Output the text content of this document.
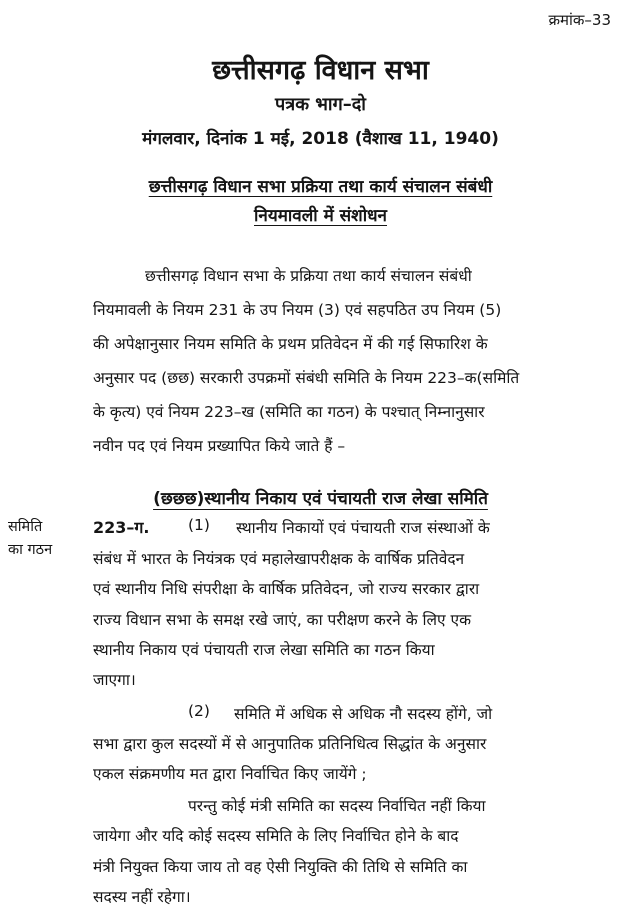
क्रमांक–33
छत्तीसगढ़ विधान सभा
पत्रक भाग–दो
मंगलवार, दिनांक 1 मई, 2018 (वैशाख 11, 1940)
छत्तीसगढ़ विधान सभा प्रक्रिया तथा कार्य संचालन संबंधी
नियमावली में संशोधन
छत्तीसगढ़ विधान सभा के प्रक्रिया तथा कार्य संचालन संबंधी
नियमावली के नियम 231 के उप नियम (3) एवं सहपठित उप नियम (5)
की अपेक्षानुसार नियम समिति के प्रथम प्रतिवेदन में की गई सिफारिश के
अनुसार पद (छछ) सरकारी उपक्रमों संबंधी समिति के नियम 223–क(समिति
के कृत्य) एवं नियम 223–ख (समिति का गठन) के पश्चात् निम्नानुसार
नवीन पद एवं नियम प्रख्यापित किये जाते हैं –
(छछछ)स्थानीय निकाय एवं पंचायती राज लेखा समिति
समिति
का गठन
223–ग. (1) स्थानीय निकायों एवं पंचायती राज संस्थाओं के
संबंध में भारत के नियंत्रक एवं महालेखापरीक्षक के वार्षिक प्रतिवेदन
एवं स्थानीय निधि संपरीक्षा के वार्षिक प्रतिवेदन, जो राज्य सरकार द्वारा
राज्य विधान सभा के समक्ष रखे जाएं, का परीक्षण करने के लिए एक
स्थानीय निकाय एवं पंचायती राज लेखा समिति का गठन किया
जाएगा।
(2) समिति में अधिक से अधिक नौ सदस्य होंगे, जो
सभा द्वारा कुल सदस्यों में से आनुपातिक प्रतिनिधित्व सिद्धांत के अनुसार
एकल संक्रमणीय मत द्वारा निर्वाचित किए जायेंगे ;
परन्तु कोई मंत्री समिति का सदस्य निर्वाचित नहीं किया
जायेगा और यदि कोई सदस्य समिति के लिए निर्वाचित होने के बाद
मंत्री नियुक्त किया जाय तो वह ऐसी नियुक्ति की तिथि से समिति का
सदस्य नहीं रहेगा।
